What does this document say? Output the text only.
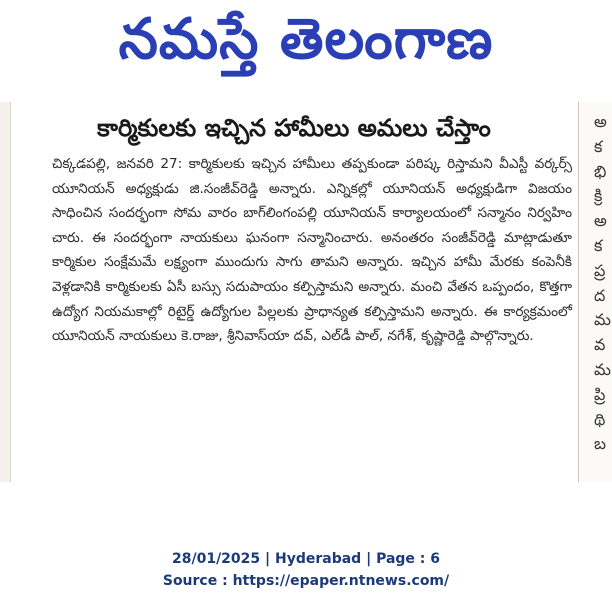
నమస్తే తెలంగాణ
అ
క
భి
క్రి
అ
క
ప్ర
ద
మ
వ
మ
ప్రి
థి
బ
కార్మికులకు ఇచ్చిన హామీలు అమలు చేస్తాం

చిక్కడపల్లి, జనవరి 27: కార్మికులకు ఇచ్చిన హామీలు తప్పకుండా పరిష్క రిస్తామని వీఎస్టీ వర్కర్స్ యూనియన్ అధ్యక్షుడు జి.సంజీవ్‌రెడ్డి అన్నారు. ఎన్నికల్లో యూనియన్ అధ్యక్షుడిగా విజయం సాధించిన సందర్భంగా సోమ వారం బాగ్‌లింగంపల్లి యూనియన్ కార్యాలయంలో సన్మానం నిర్వహిం చారు. ఈ సందర్భంగా నాయకులు ఘనంగా సన్మానించారు. అనంతరం సంజీవ్‌రెడ్డి మాట్లాడుతూ కార్మికుల సంక్షేమమే లక్ష్యంగా ముందుగు సాగు తామని అన్నారు. ఇచ్చిన హామీ మేరకు కంపెనీకి వెళ్లడానికి కార్మికులకు ఏసీ బస్సు సదుపాయం కల్పిస్తామని అన్నారు. మంచి వేతన ఒప్పందం, కొత్తగా ఉద్యోగ నియమకాల్లో రిటైర్డ్ ఉద్యోగుల పిల్లలకు ప్రాధాన్యత కల్పిస్తామని అన్నారు. ఈ కార్యక్రమంలో యూనియన్ నాయకులు కె.రాజు, శ్రీనివాస్‌యా దవ్, ఎల్‌డీ పాల్, నగేశ్, కృష్ణారెడ్డి పాల్గొన్నారు.

28/01/2025 | Hyderabad | Page : 6
Source : https://epaper.ntnews.com/
